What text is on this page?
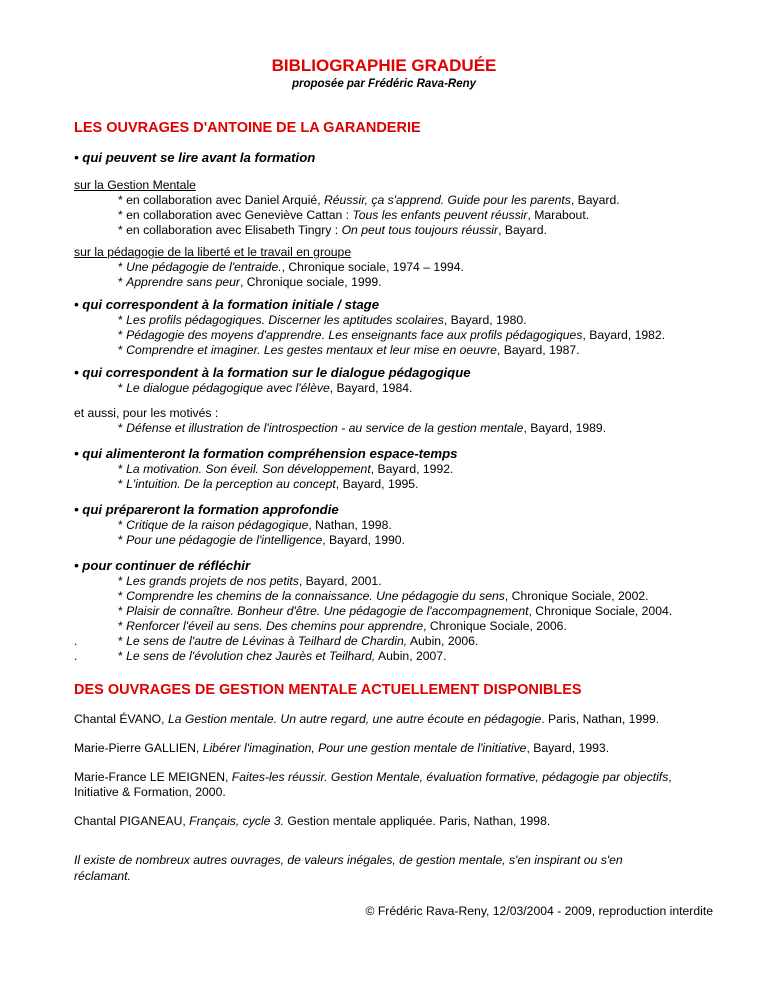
BIBLIOGRAPHIE GRADUÉE
proposée par Frédéric Rava-Reny
LES OUVRAGES D'ANTOINE DE LA GARANDERIE
• qui peuvent se lire avant la formation
sur la Gestion Mentale
* en collaboration avec Daniel Arquié, Réussir, ça s'apprend. Guide pour les parents, Bayard.
* en collaboration avec Geneviève Cattan : Tous les enfants peuvent réussir, Marabout.
* en collaboration avec Elisabeth Tingry : On peut tous toujours réussir, Bayard.
sur la pédagogie de la liberté et le travail en groupe
* Une pédagogie de l'entraide., Chronique sociale, 1974 – 1994.
* Apprendre sans peur, Chronique sociale, 1999.
• qui correspondent à la formation initiale / stage
* Les profils pédagogiques. Discerner les aptitudes scolaires, Bayard, 1980.
* Pédagogie des moyens d'apprendre. Les enseignants face aux profils pédagogiques, Bayard, 1982.
* Comprendre et imaginer. Les gestes mentaux et leur mise en oeuvre, Bayard, 1987.
• qui correspondent à la formation sur le dialogue pédagogique
* Le dialogue pédagogique avec l'élève, Bayard, 1984.
et aussi, pour les motivés :
* Défense et illustration de l'introspection - au service de la gestion mentale, Bayard, 1989.
• qui alimenteront la formation compréhension espace-temps
* La motivation. Son éveil. Son développement, Bayard, 1992.
* L'intuition. De la perception au concept, Bayard, 1995.
• qui prépareront la formation approfondie
* Critique de la raison pédagogique, Nathan, 1998.
* Pour une pédagogie de l'intelligence, Bayard, 1990.
• pour continuer de réfléchir
* Les grands projets de nos petits, Bayard, 2001.
* Comprendre les chemins de la connaissance. Une pédagogie du sens, Chronique Sociale, 2002.
* Plaisir de connaître. Bonheur d'être. Une pédagogie de l'accompagnement, Chronique Sociale, 2004.
* Renforcer l'éveil au sens. Des chemins pour apprendre, Chronique Sociale, 2006.
.	* Le sens de l'autre de Lévinas à Teilhard de Chardin, Aubin, 2006.
.	* Le sens de l'évolution chez Jaurès et Teilhard, Aubin, 2007.
DES OUVRAGES DE GESTION MENTALE ACTUELLEMENT DISPONIBLES
Chantal ÉVANO, La Gestion mentale. Un autre regard, une autre écoute en pédagogie. Paris, Nathan, 1999.
Marie-Pierre GALLIEN, Libérer l'imagination, Pour une gestion mentale de l'initiative, Bayard, 1993.
Marie-France LE MEIGNEN, Faites-les réussir. Gestion Mentale, évaluation formative, pédagogie par objectifs, Initiative & Formation, 2000.
Chantal PIGANEAU, Français, cycle 3. Gestion mentale appliquée. Paris, Nathan, 1998.
Il existe de nombreux autres ouvrages, de valeurs inégales, de gestion mentale, s'en inspirant ou s'en réclamant.
© Frédéric Rava-Reny, 12/03/2004 - 2009, reproduction interdite
